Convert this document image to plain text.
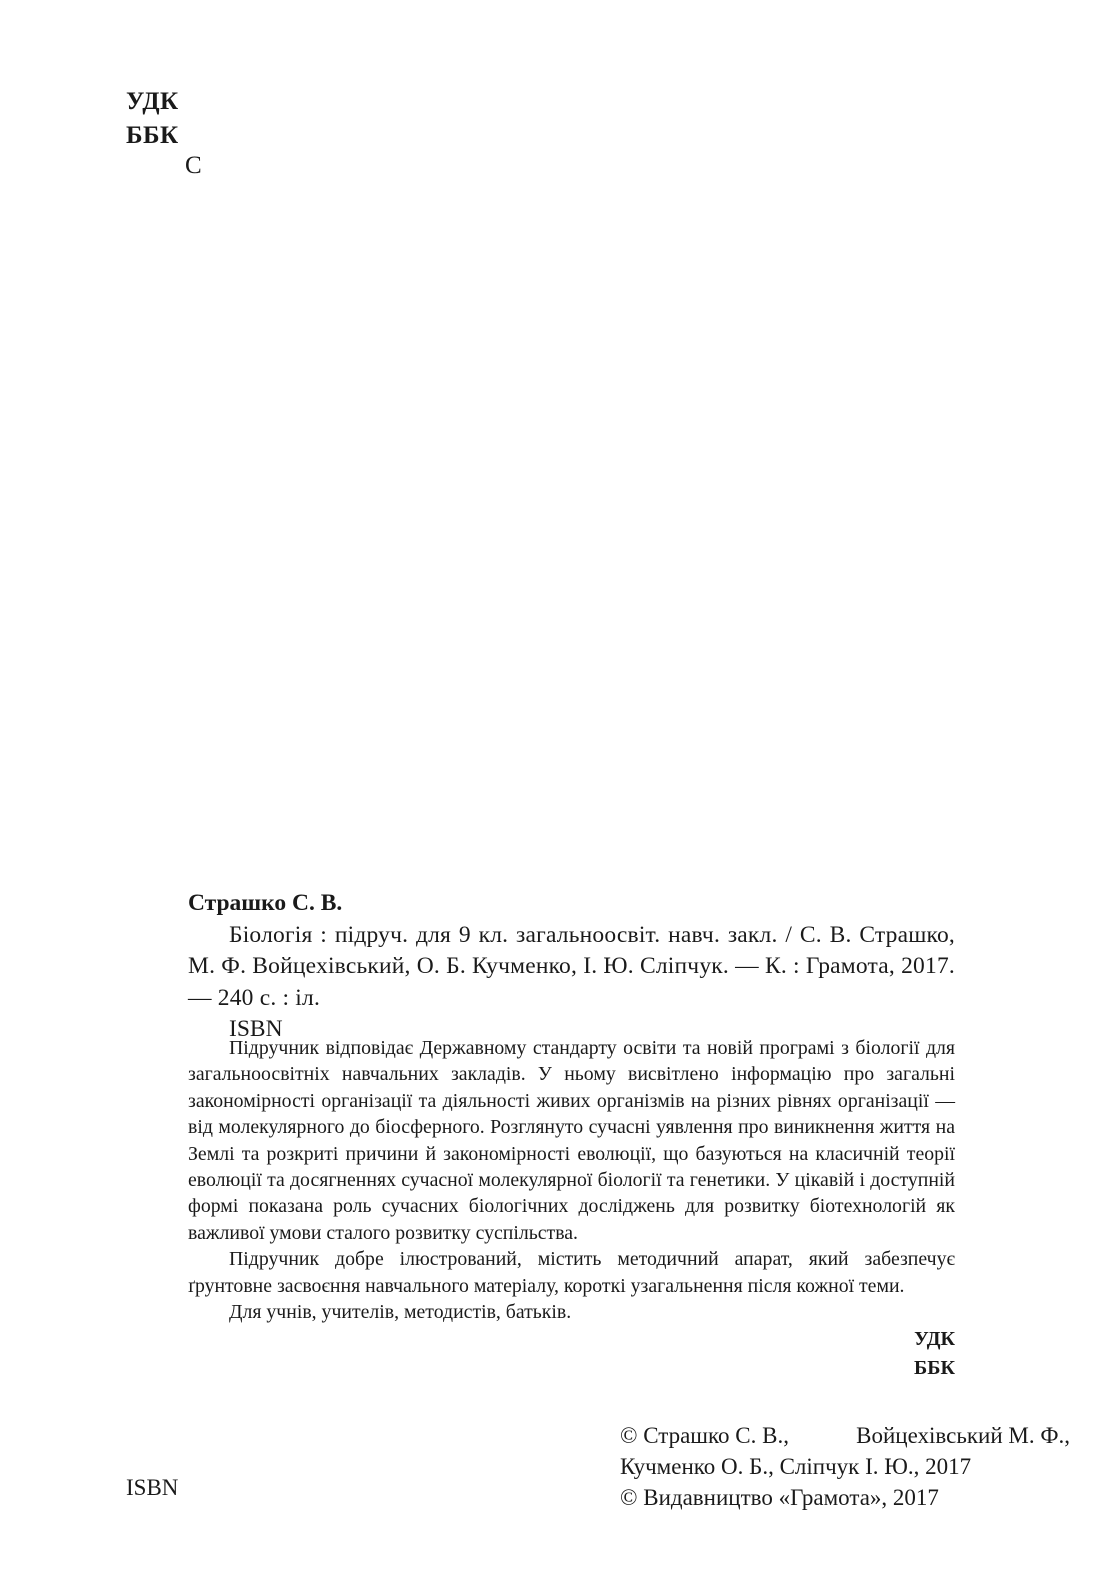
УДК
ББК
С

Страшко С. В.

Біологія : підруч. для 9 кл. загальноосвіт. навч. закл. / С. В. Страшко, М. Ф. Войцехівський, О. Б. Кучменко, І. Ю. Сліпчук. — К. : Грамота, 2017. — 240 с. : іл.

ISBN

Підручник відповідає Державному стандарту освіти та новій програмі з біології для загальноосвітніх навчальних закладів. У ньому висвітлено інформацію про загальні закономірності організації та діяльності живих організмів на різних рівнях організації — від молекулярного до біосферного. Розглянуто сучасні уявлення про виникнення життя на Землі та розкриті причини й закономірності еволюції, що базуються на класичній теорії еволюції та досягненнях сучасної молекулярної біології та генетики. У цікавій і доступній формі показана роль сучасних біологічних досліджень для розвитку біотехнологій як важливої умови сталого розвитку суспільства.

Підручник добре ілюстрований, містить методичний апарат, який забезпечує ґрунтовне засвоєння навчального матеріалу, короткі узагальнення після кожної теми.

Для учнів, учителів, методистів, батьків.

УДК
ББК

© Страшко С. В.,	Войцехівський М. Ф.,

Кучменко О. Б., Сліпчук І. Ю., 2017

© Видавництво «Грамота», 2017

ISBN
